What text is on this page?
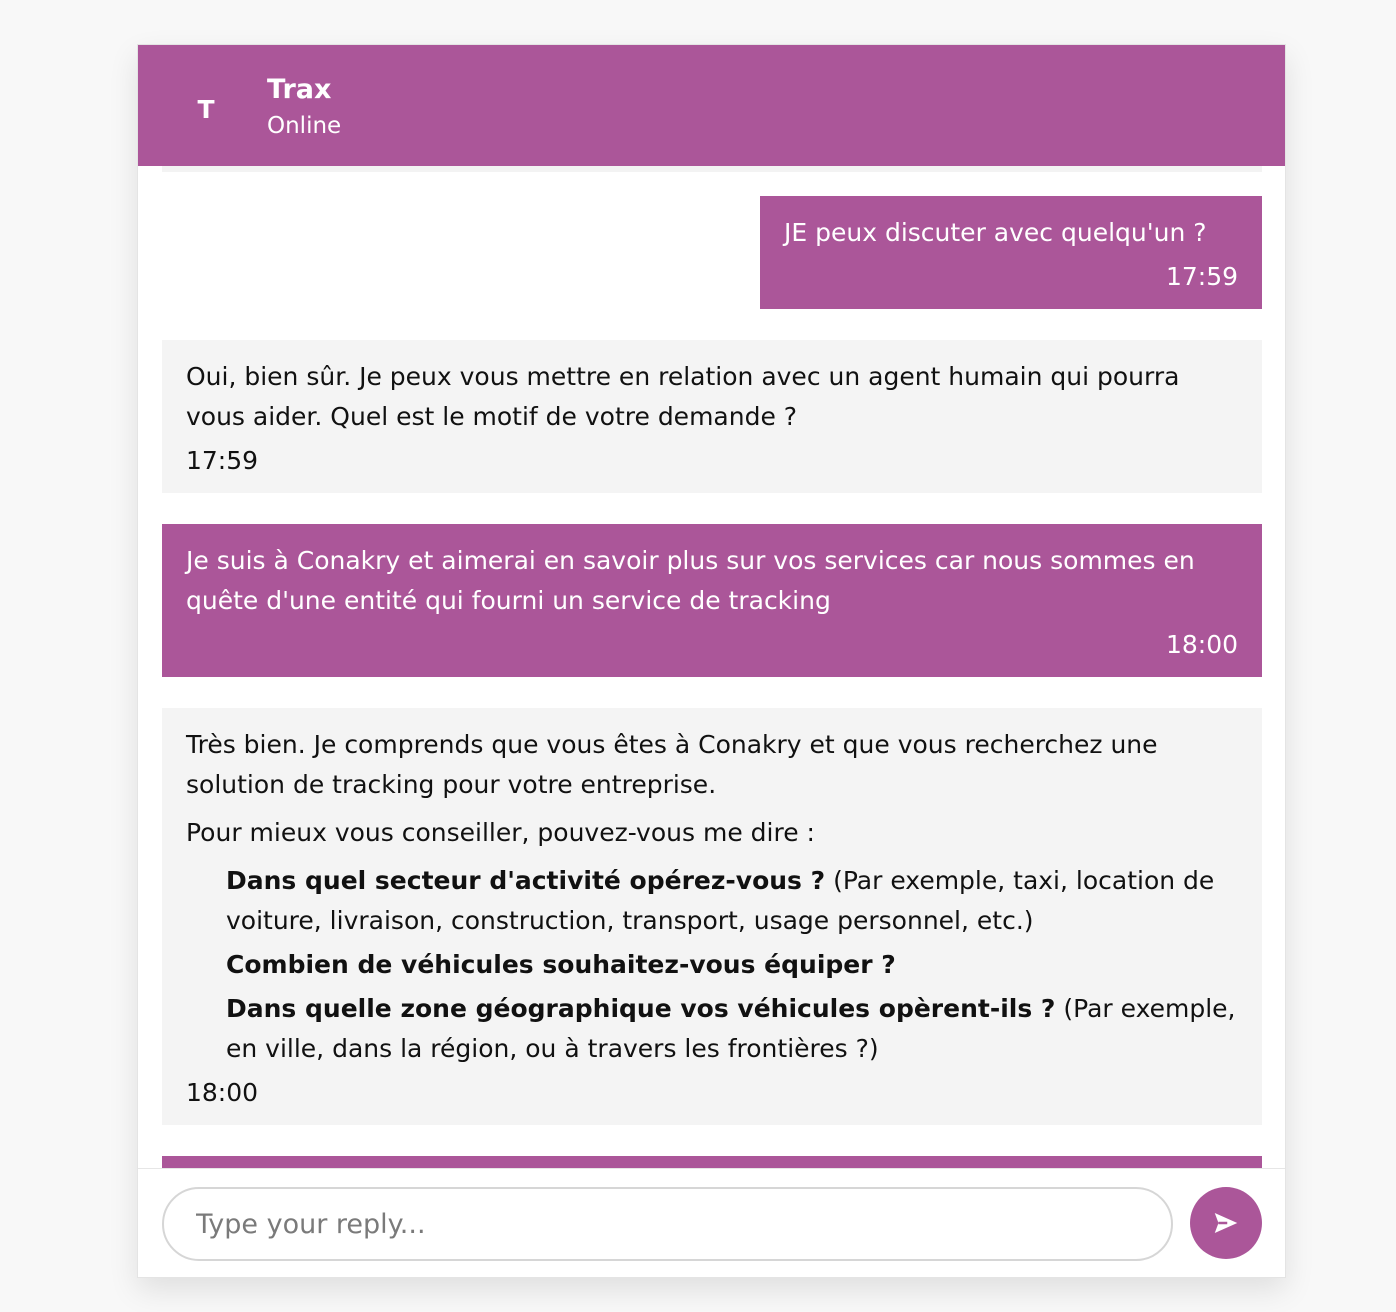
T
Trax
Online

JE peux discuter avec quelqu'un ?

17:59

Oui, bien sûr. Je peux vous mettre en relation avec un agent humain qui pourra vous aider. Quel est le motif de votre demande ?

17:59

Je suis à Conakry et aimerai en savoir plus sur vos services car nous sommes en quête d'une entité qui fourni un service de tracking

18:00

Très bien. Je comprends que vous êtes à Conakry et que vous recherchez une solution de tracking pour votre entreprise.

Pour mieux vous conseiller, pouvez-vous me dire :

Dans quel secteur d'activité opérez-vous ? (Par exemple, taxi, location de voiture, livraison, construction, transport, usage personnel, etc.)
Combien de véhicules souhaitez-vous équiper ?
Dans quelle zone géographique vos véhicules opèrent-ils ? (Par exemple, en ville, dans la région, ou à travers les frontières ?)
18:00
Type your reply...
